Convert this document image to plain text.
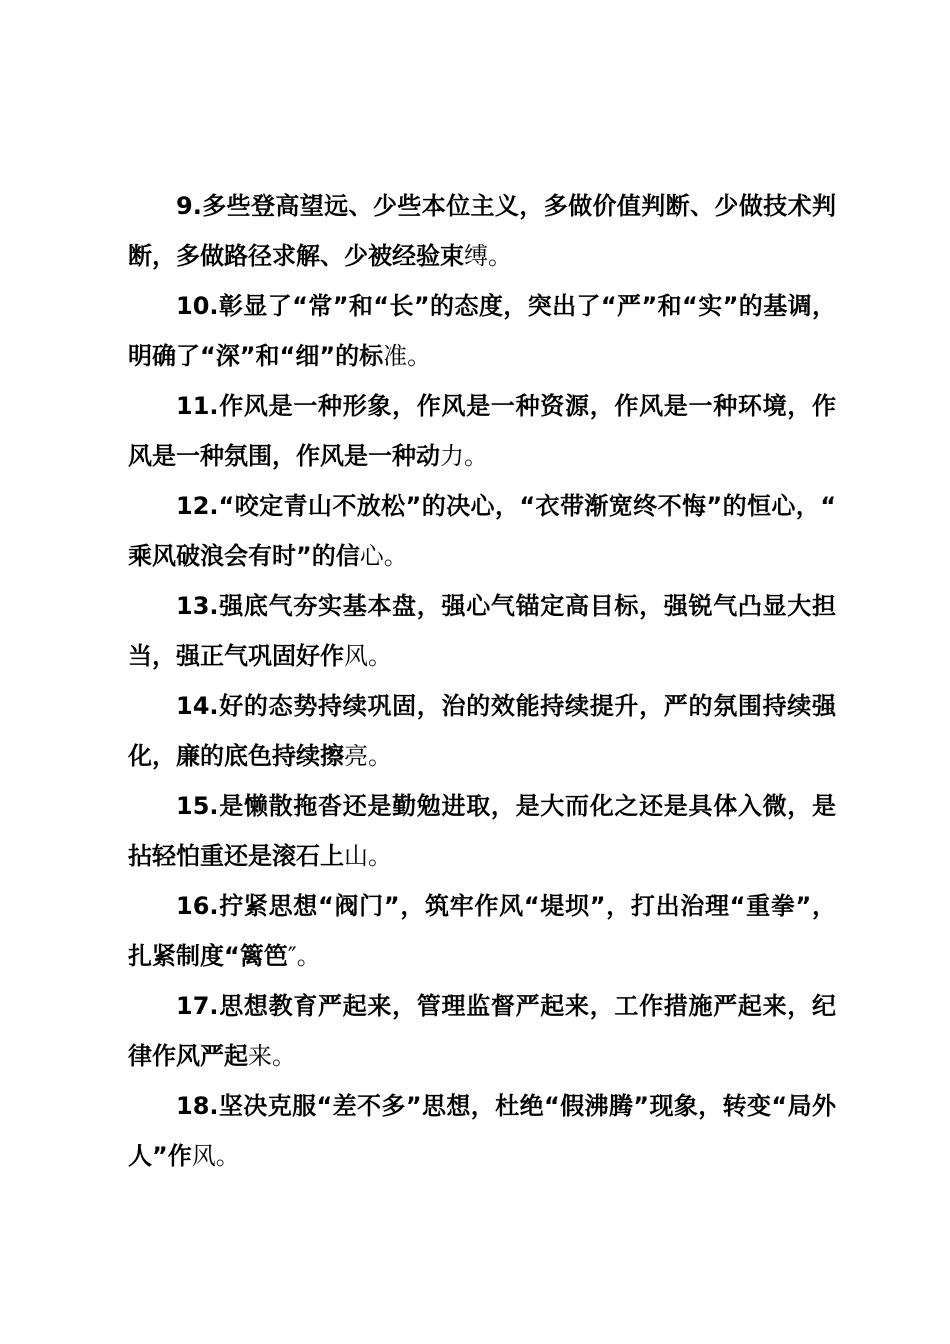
9.多些登高望远、少些本位主义，多做价值判断、少做技术判断，多做路径求解、少被经验束缚。

10.彰显了“常”和“长”的态度，突出了“严”和“实”的基调，明确了“深”和“细”的标准。

11.作风是一种形象，作风是一种资源，作风是一种环境，作风是一种氛围，作风是一种动力。

12.“咬定青山不放松”的决心，“衣带渐宽终不悔”的恒心，“乘风破浪会有时”的信心。

13.强底气夯实基本盘，强心气锚定高目标，强锐气凸显大担当，强正气巩固好作风。

14.好的态势持续巩固，治的效能持续提升，严的氛围持续强化，廉的底色持续擦亮。

15.是懒散拖沓还是勤勉进取，是大而化之还是具体入微，是拈轻怕重还是滚石上山。

16.拧紧思想“阀门”，筑牢作风“堤坝”，打出治理“重拳”，扎紧制度“篱笆″。

17.思想教育严起来，管理监督严起来，工作措施严起来，纪律作风严起来。

18.坚决克服“差不多”思想，杜绝“假沸腾”现象，转变“局外人”作风。
